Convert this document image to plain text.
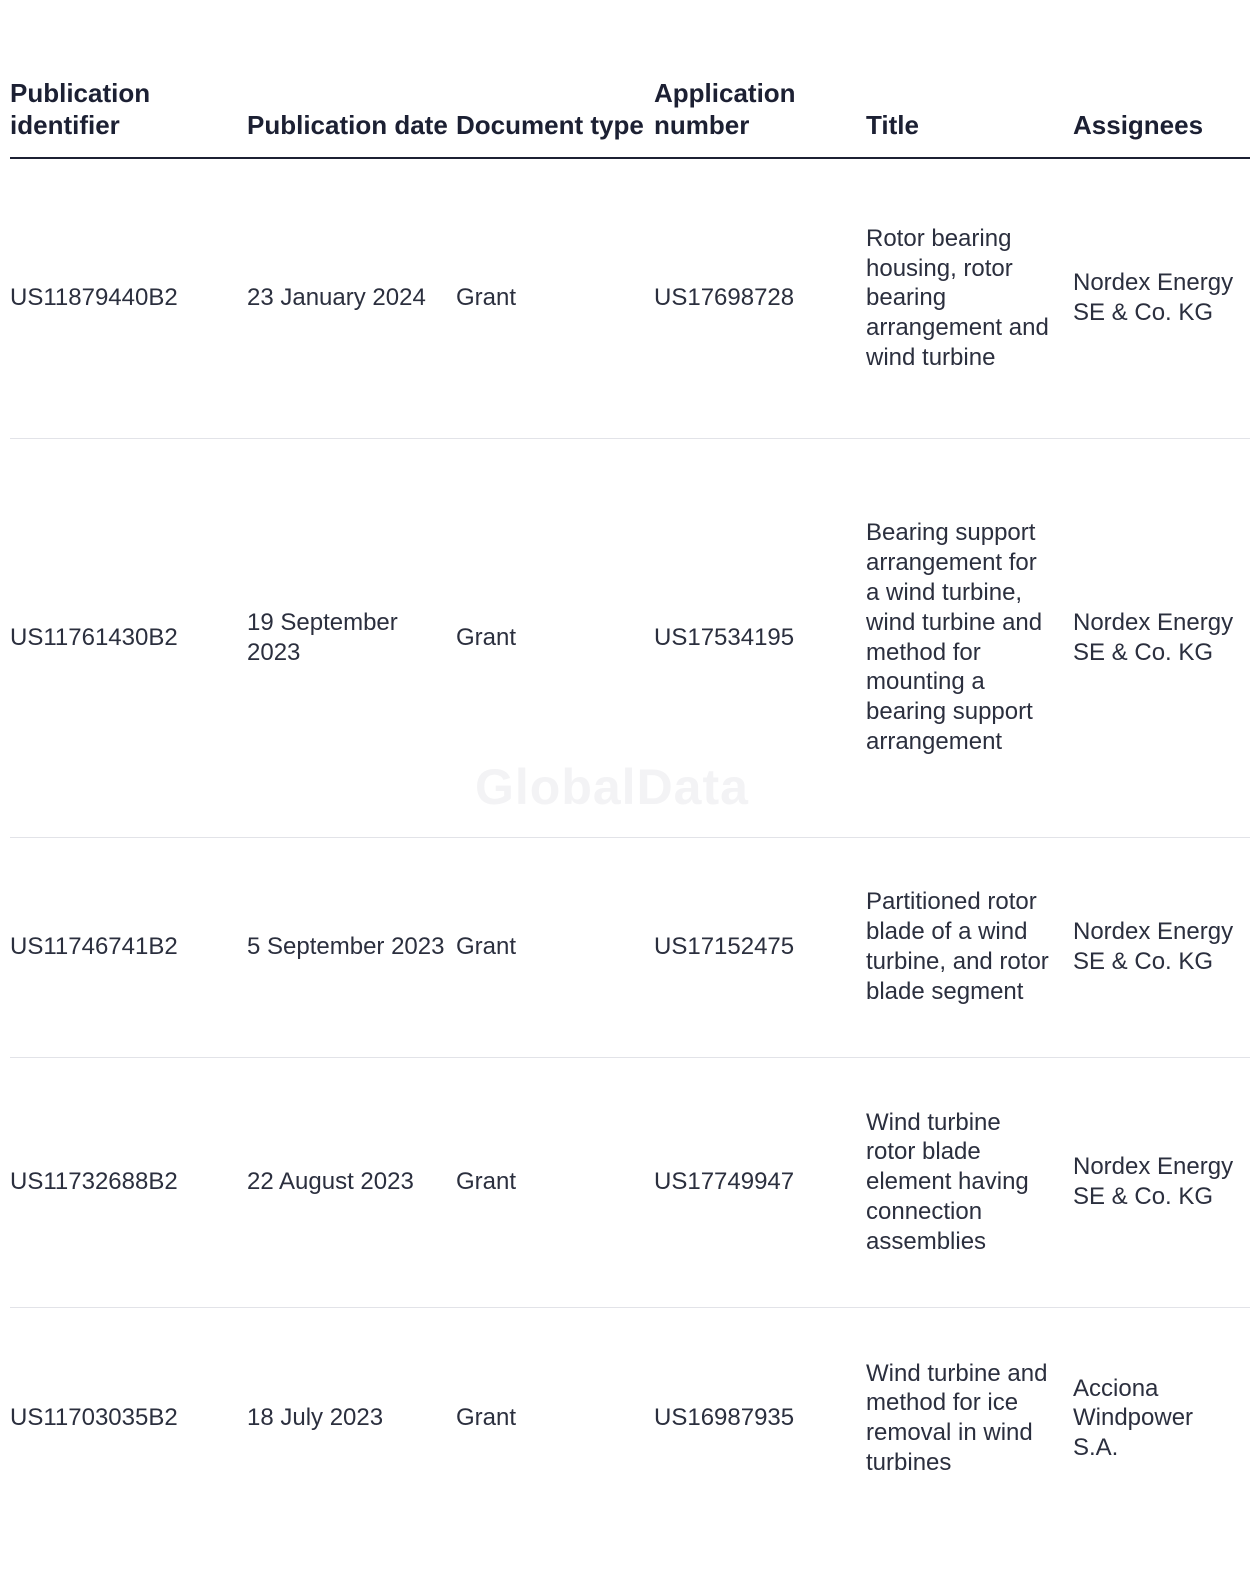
GlobalData
Publication identifier	Publication date	Document type	Application number	Title	Assignees
US11879440B2	23 January 2024	Grant	US17698728	Rotor bearing housing, rotor bearing arrangement and wind turbine	Nordex Energy SE & Co. KG
US11761430B2	19 September 2023	Grant	US17534195	Bearing support arrangement for a wind turbine, wind turbine and method for mounting a bearing support arrangement	Nordex Energy SE & Co. KG
US11746741B2	5 September 2023	Grant	US17152475	Partitioned rotor blade of a wind turbine, and rotor blade segment	Nordex Energy SE & Co. KG
US11732688B2	22 August 2023	Grant	US17749947	Wind turbine rotor blade element having connection assemblies	Nordex Energy SE & Co. KG
US11703035B2	18 July 2023	Grant	US16987935	Wind turbine and method for ice removal in wind turbines	Acciona Windpower S.A.
